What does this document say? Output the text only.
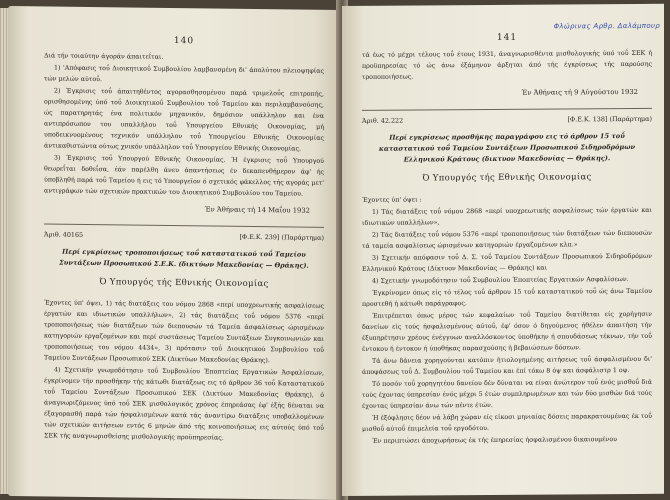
140

Διά τήν τοιαύτην άγοράν άπαιτεΐται.

1) 'Απόφασις τοΰ Διοικητικοΰ Συμβουλίου λαμβανομένη δι' άπολύτου πλειοψηφίας τών μελών αύτοΰ.

2) Έγκρισις τοΰ άπαιτηθέντος αγορασθησομένου παρά τριμελοΰς επιτροπής, ορισθησομένης ύπό τοΰ Διοικητικοΰ Συμβουλίου τοΰ Ταμείου και περιλαμβανούσης, ώς παρατηρητάς ένα πολιτικόν μηχανικόν, δημόσιον υπάλληλον και ένα αντιπρόσωπον του υπαλλήλου τοΰ Υπουργείου Εθνικής Οικονομίας, μή υποδεικνυομένους τεχνικόν υπάλληλον τοΰ Υπουργείου Εθνικής Οικονομίας άντικαθιστώντα ούτως χνικόν υπάλληλον τοΰ Υπουργείου Εθνικής Οικονομίας.

3) Έγκρισις τοΰ Υπουργού Εθνικής Οικονομίας. Ή έγκρισις τοΰ Υπουργού θεωρεΐται δοθεΐσα, έάν παρέλθη άνευ άπαντήσεως έν δεκαπενθήμερον άφ' ής ύποβληθή παρά τοΰ Ταμείου ή εις τό Υπουργεϊον ό σχετικός φάκελλος τής αγοράς μετ' αντιγράφων τών σχετικών πρακτικών του Διοικητικού Συμβουλίου του Ταμείου.

Έν Άθήναις τή 14 Μαΐου 1932

Άριθ. 40165	[Φ.Ε.Κ. 239] (Παράρτημα)

Περί εγκρίσεως τροποποιήσεως τοΰ καταστατικού τοΰ Ταμείου Συντάξεων Προσωπικού Σ.Ε.Κ. (δικτύων Μακεδονίας — Θράκης).

Ό Υπουργός τής Εθνικής Οικονομίας

Έχοντες ύπ' όψει, 1) τάς διατάξεις του νόμου 2868 «περί υποχρεωτικής ασφαλίσεως έργατών και ιδιωτικών υπαλλήλων», 2) τάς διατάξεις τοΰ νόμου 5376 «περί τροποποιήσεως τών διατάξεων τών διεπουσών τά Ταμεία άσφαλίσεως ώρισμένων κατηγοριών εργαζομένων και περί συστάσεως Ταμείου Συντάξεων Συγκοινωνιών και τροποποιήσεως του νόμου 4434», 3) πρότασιν τοΰ Διοικητικού Συμβουλίου τοΰ Ταμείου Συντάξεων Προσωπικού ΣΕΚ (Δικτύων Μακεδονίας Θράκης).

4) Σχετικήν γνωμοδότησιν τοΰ Συμβουλίου Έποπτείας Εργατικών Άσφαλίσεων, έγκρίνομεν τήν προσθήκην τής κάτωθι διατάξεως εις τό άρθρον 36 τοΰ Καταστατικού τοΰ Ταμείου Συντάξεων Προσωπικού ΣΕΚ (Δικτύων Μακεδονίας Θράκης), ό άναγνωριζόμενος ύπό τοΰ ΣΕΚ μισθολογικός χρόνος έπηρεάσας έφ' έξής δέναται να έξαγορασθή παρά τών ήσφαλισμένων κατά τάς άναντίρω διατάξεις υποβαλλομένων τών σχετικών αιτήσεων εντός 6 μηνών άπό τής κοινοποιήσεως εις αύτούς ύπό τοΰ ΣΕΚ τής αναγνωρισθείσης μισθολογικής προϋπηρεσίας.

141
Φλώρινας Αρθρ. Δαλάμπουρ

τά έως τό μέχρι τέλους τοΰ έτους 1931, άναγνωρισθέντα μισθολογικής ύπό τοΰ ΣΕΚ ή προϋπηρεσίας τό ώς άνω έξάμηνον άρξηται άπό τής έγκρίσεως τής παρούσης τροποποιήσεως.

Έν Άθήναις τή 9 Αύγούστου 1932

Άριθ. 42.222	[Φ.Ε.Κ. 138] (Παράρτημα)

Περί εγκρίσεως προσθήκης παραγράφου εις τό άρθρον 15 τοΰ καταστατικού τοΰ Ταμείου Συντάξεων Προσωπικού Σιδηροδρόμων Ελληνικού Κράτους (δικτυον Μακεδονίας — Θράκης).

Ό Υπουργός τής Εθνικής Οικονομίας

Έχοντες ύπ' όψει :

1) Τάς διατάξεις τοΰ νόμου 2868 «περί υποχρεωτικής ασφαλίσεως τών έργατών και ιδιωτικών υπαλλήλων»,

2) Τάς διατάξεις τοΰ νόμου 5376 «περί τροποποιήσεως τών διατάξεων τών διεπουσών τά ταμεία ασφαλίσεως ώρισμένων κατηγοριών έργαζομένων κλπ.»

3) Σχετικήν απόφασιν τοΰ Δ. Σ. τοΰ Ταμείου Συντάξεων Προσωπικού Σιδηροδρόμων Ελληνικού Κράτους (Δίκτυον Μακεδονίας — Θράκης) και

4) Σχετικήν γνωμοδότησιν τοΰ Συμβουλίου Έποπτείας Εργατικών Ασφαλίσεων.

Έγκρίνομεν όπως είς τό τέλος τοΰ άρθρου 15 τοΰ καταστατικού τοΰ ώς άνω Ταμείου προστεθή ή κάτωθι παράγραφος.

Έπιτρέπεται όπως μέρος τών κεφαλαίων τοΰ Ταμείου διατίθεται είς χορήγησιν δανείων είς τούς ήσφαλισμένους αύτοΰ, έφ' όσον ό δηγούμενος ήθέλεν άπαιτήση τήν έξυπηρέτησιν χρέους ένέγγυων αναλλόσκοντος ύποθήκην ή σπουδάσεως τέκνων, τήν τοΰ έντοκου ή έντοκον ή ύποθήκας παρασχούσης ή βεβαιώσεων δόσεων.

Τά άνω δάνεια χορηγούνται κατόπιν ήτιολογημένης αιτήσεως τοΰ άσφαλισμένου δι' άποφάσεως τοΰ Δ. Συμβουλίου τοΰ Ταμείου και έπί τόκω 8 όψ και άσφάλιστρ 1 οψ.

Τό ποσόν τοΰ χορηγητέου δανείου δέν δύναται να είναι άνώτερον τοΰ ένός μισθοΰ διά τούς έχοντας ύπηρεσίαν ένός μέχρι 5 έτών συμπληρωμένων και τών δύο μισθών διά τούς έχοντας ύπηρεσίαν άνω τών πέντε έτών.

Ή έξόφλησις δέον νά λάβη χώραν είς είκοσι μηνιαίας δόσεις παρακρατουμένας έκ τοΰ μισθοΰ αύτοΰ έπιμελεία τοΰ εργοδότου.

Έν περιπτώσει άποχωρήσεως έκ τής έπηρεσίας ήσφαλισμένου δικαιουμένου
